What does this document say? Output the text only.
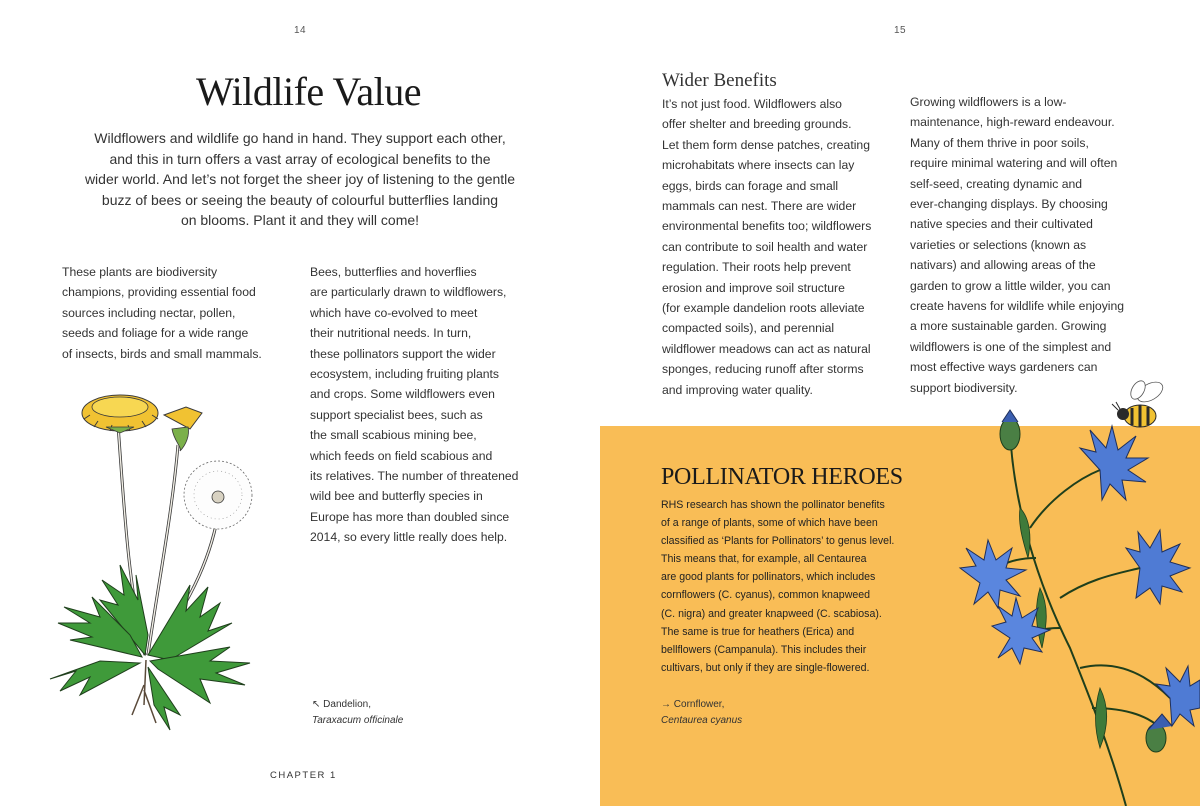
14
Wildlife Value
Wildflowers and wildlife go hand in hand. They support each other,
and this in turn offers a vast array of ecological benefits to the
wider world. And let’s not forget the sheer joy of listening to the gentle
buzz of bees or seeing the beauty of colourful butterflies landing
on blooms. Plant it and they will come!
These plants are biodiversity
champions, providing essential food
sources including nectar, pollen,
seeds and foliage for a wide range
of insects, birds and small mammals.
Bees, butterflies and hoverflies
are particularly drawn to wildflowers,
which have co-evolved to meet
their nutritional needs. In turn,
these pollinators support the wider
ecosystem, including fruiting plants
and crops. Some wildflowers even
support specialist bees, such as
the small scabious mining bee,
which feeds on field scabious and
its relatives. The number of threatened
wild bee and butterfly species in
Europe has more than doubled since
2014, so every little really does help.
↖ Dandelion,
Taraxacum officinale
CHAPTER 1
15
Wider Benefits
It’s not just food. Wildflowers also
offer shelter and breeding grounds.
Let them form dense patches, creating
microhabitats where insects can lay
eggs, birds can forage and small
mammals can nest. There are wider
environmental benefits too; wildflowers
can contribute to soil health and water
regulation. Their roots help prevent
erosion and improve soil structure
(for example dandelion roots alleviate
compacted soils), and perennial
wildflower meadows can act as natural
sponges, reducing runoff after storms
and improving water quality.
Growing wildflowers is a low-
maintenance, high-reward endeavour.
Many of them thrive in poor soils,
require minimal watering and will often
self-seed, creating dynamic and
ever-changing displays. By choosing
native species and their cultivated
varieties or selections (known as
nativars) and allowing areas of the
garden to grow a little wilder, you can
create havens for wildlife while enjoying
a more sustainable garden. Growing
wildflowers is one of the simplest and
most effective ways gardeners can
support biodiversity.
POLLINATOR HEROES
RHS research has shown the pollinator benefits
of a range of plants, some of which have been
classified as ‘Plants for Pollinators’ to genus level.
This means that, for example, all Centaurea
are good plants for pollinators, which includes
cornflowers (C. cyanus), common knapweed
(C. nigra) and greater knapweed (C. scabiosa).
The same is true for heathers (Erica) and
bellflowers (Campanula). This includes their
cultivars, but only if they are single-flowered.
→ Cornflower,
Centaurea cyanus
